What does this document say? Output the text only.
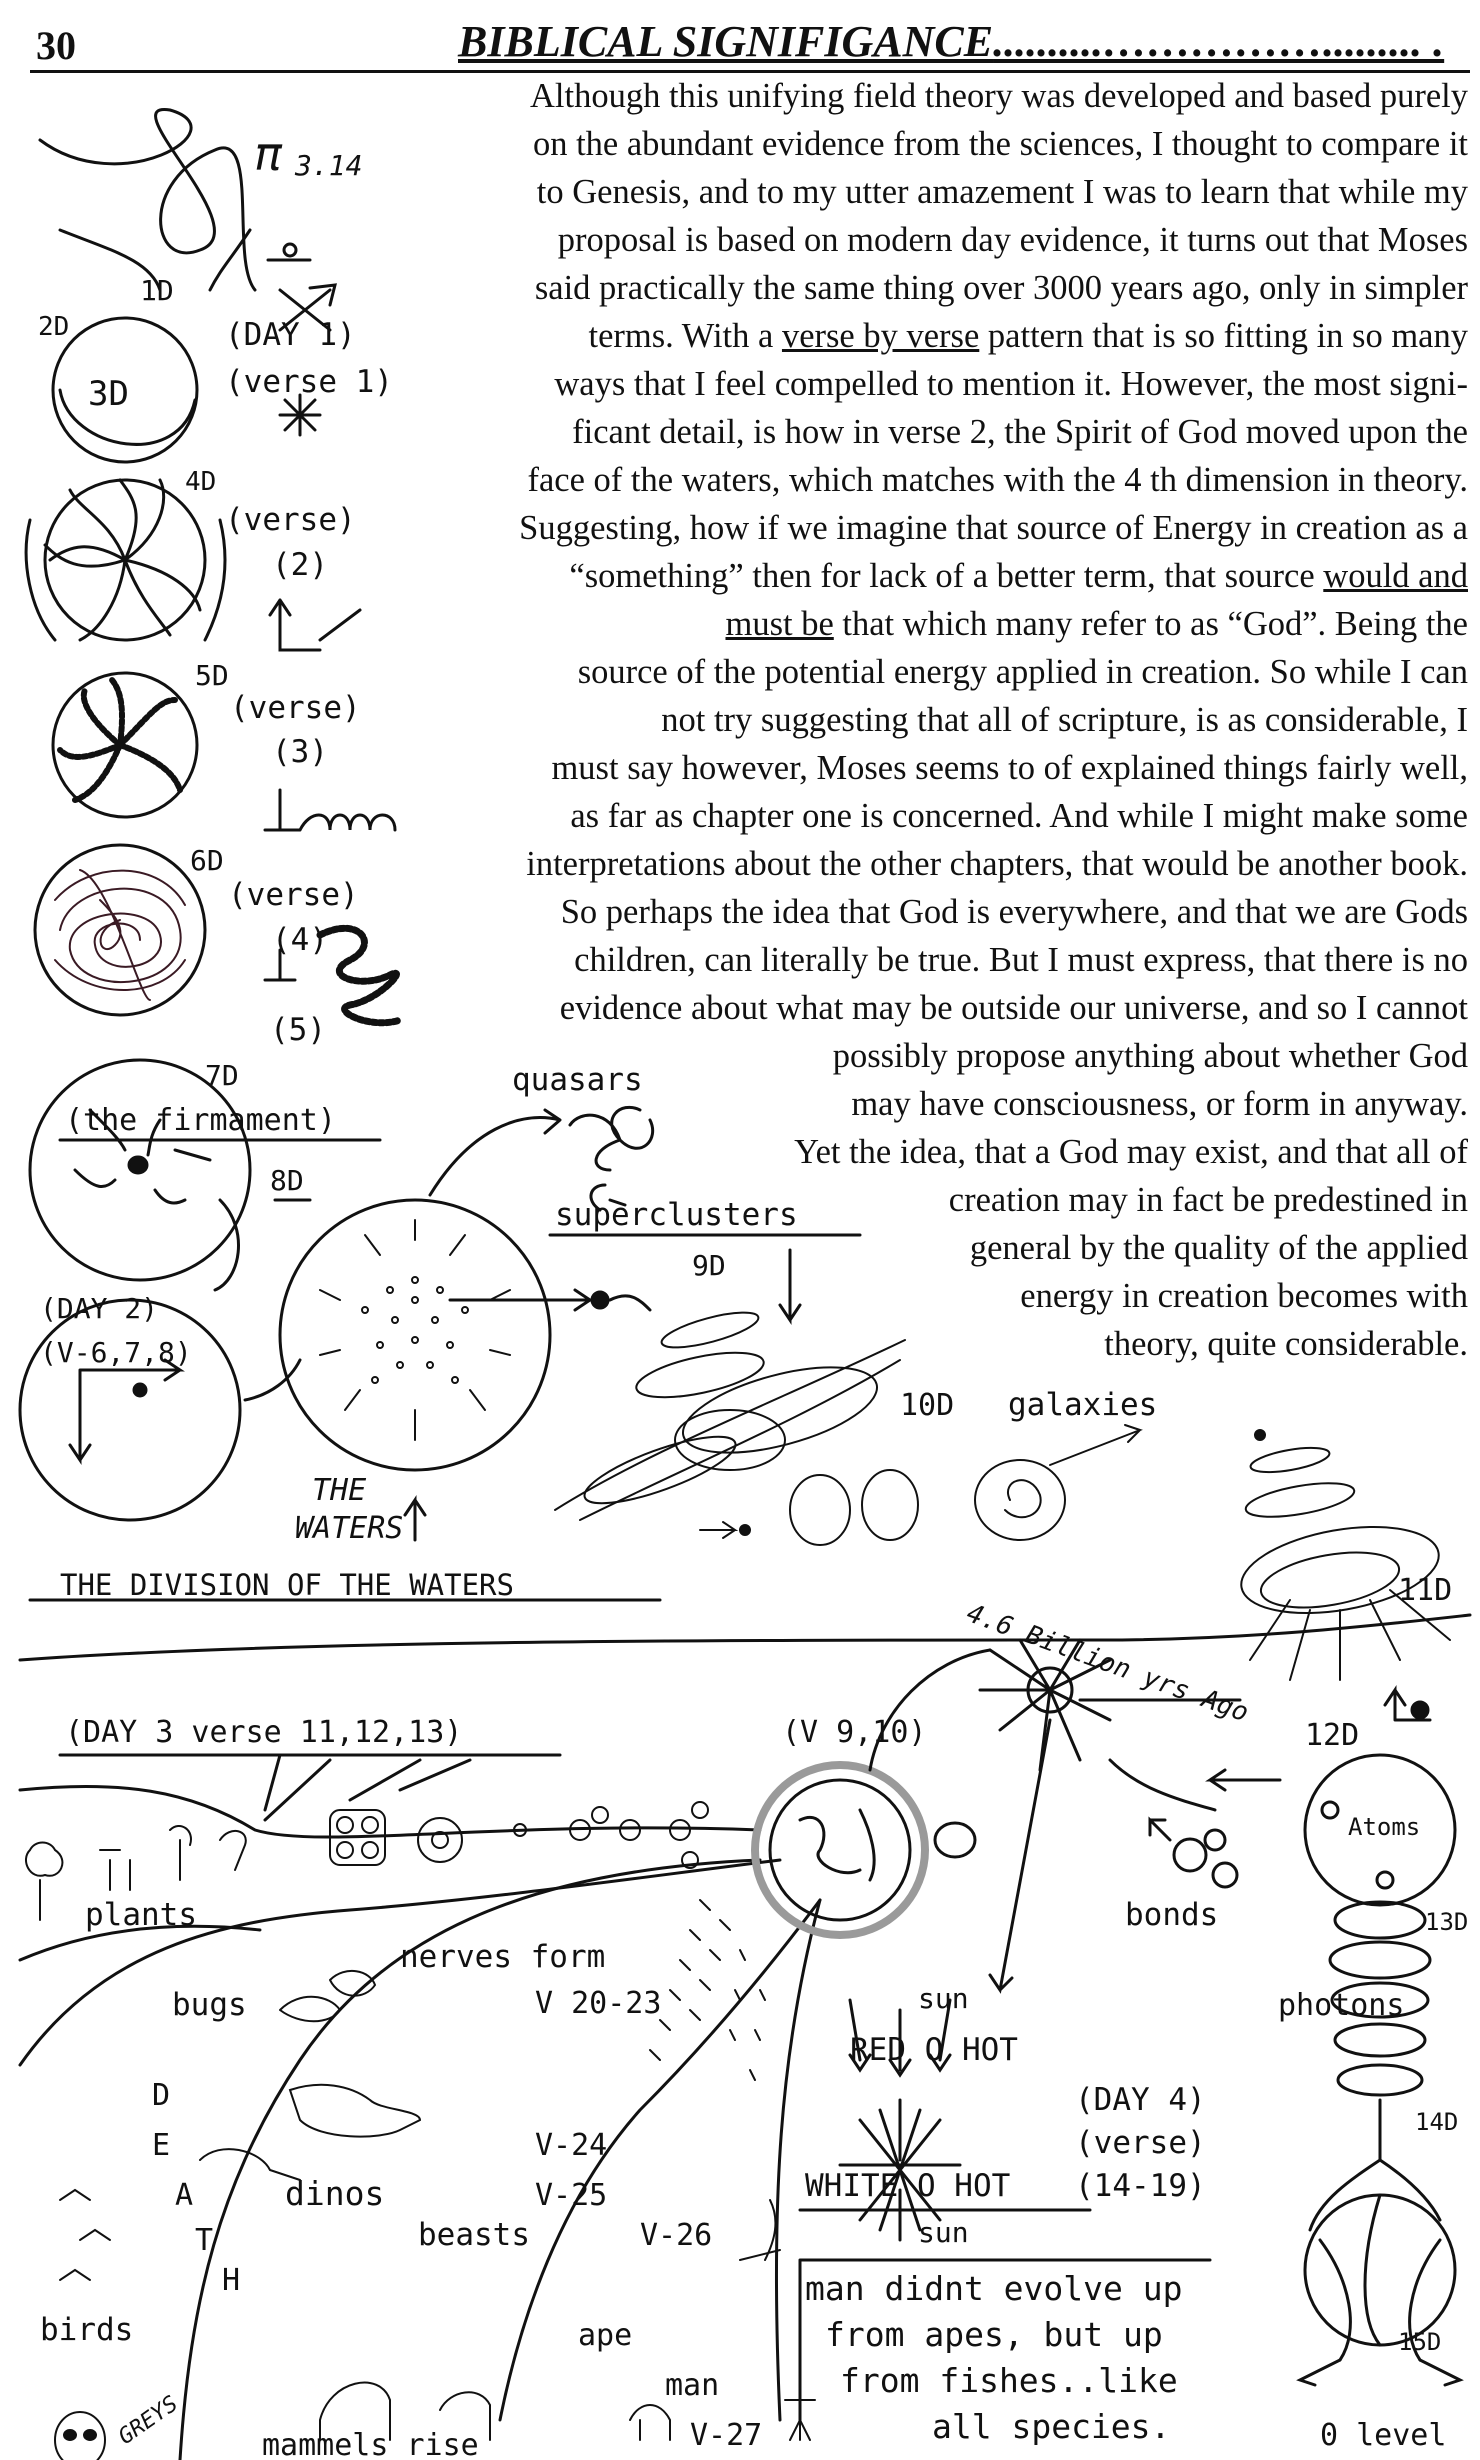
30	BIBLICAL SIGNIFIGANCE..........……………......... .
Although this unifying field theory was developed and based purely
on the abundant evidence from the sciences, I thought to compare it
to Genesis, and to my utter amazement I was to learn that while my
proposal is based on modern day evidence, it turns out that Moses
said practically the same thing over 3000 years ago, only in simpler
terms. With a verse by verse pattern that is so fitting in so many
ways that I feel compelled to mention it. However, the most signi-
ficant detail, is how in verse 2, the Spirit of God moved upon the
face of the waters, which matches with the 4 th dimension in theory.
Suggesting, how if we imagine that source of Energy in creation as a
“something” then for lack of a better term, that source would and
must be that which many refer to as “God”. Being the
source of the potential energy applied in creation. So while I can
not try suggesting that all of scripture, is as considerable, I
must say however, Moses seems to of explained things fairly well,
as far as chapter one is concerned. And while I might make some
interpretations about the other chapters, that would be another book.
So perhaps the idea that God is everywhere, and that we are Gods
children, can literally be true. But I must express, that there is no
evidence about what may be outside our universe, and so I cannot
possibly propose anything about whether God
may have consciousness, or form in anyway.
Yet the idea, that a God may exist, and that all of
creation may in fact be predestined in
general by the quality of the applied
energy in creation becomes with
theory, quite considerable.
π 3.14
1D
2D
3D
(DAY 1)
(verse 1)
4D
(verse)
(2)
5D
(verse)
(3)
6D
(verse)
(4)
(5)
7D
(the firmament)
8D
(DAY 2)
(V-6,7,8)
THE
WATERS
THE DIVISION OF THE WATERS
quasars
superclusters
9D
10D galaxies
11D
4.6 Billion yrs Ago
(DAY 3 verse 11,12,13)	(V 9,10)	12D
Atoms
bonds	13D
photons
14D
15D
0 level
plants
bugs
nerves form
V 20-23
D
E
A
T
H
dinos
V-24
V-25
V-26
beasts
birds
GREYS
ape
man
V-27
mammels rise
sun
RED O HOT
WHITE O HOT
sun
(DAY 4)
(verse)
(14-19)
man didnt evolve up
from apes, but up
from fishes..like
all species.
